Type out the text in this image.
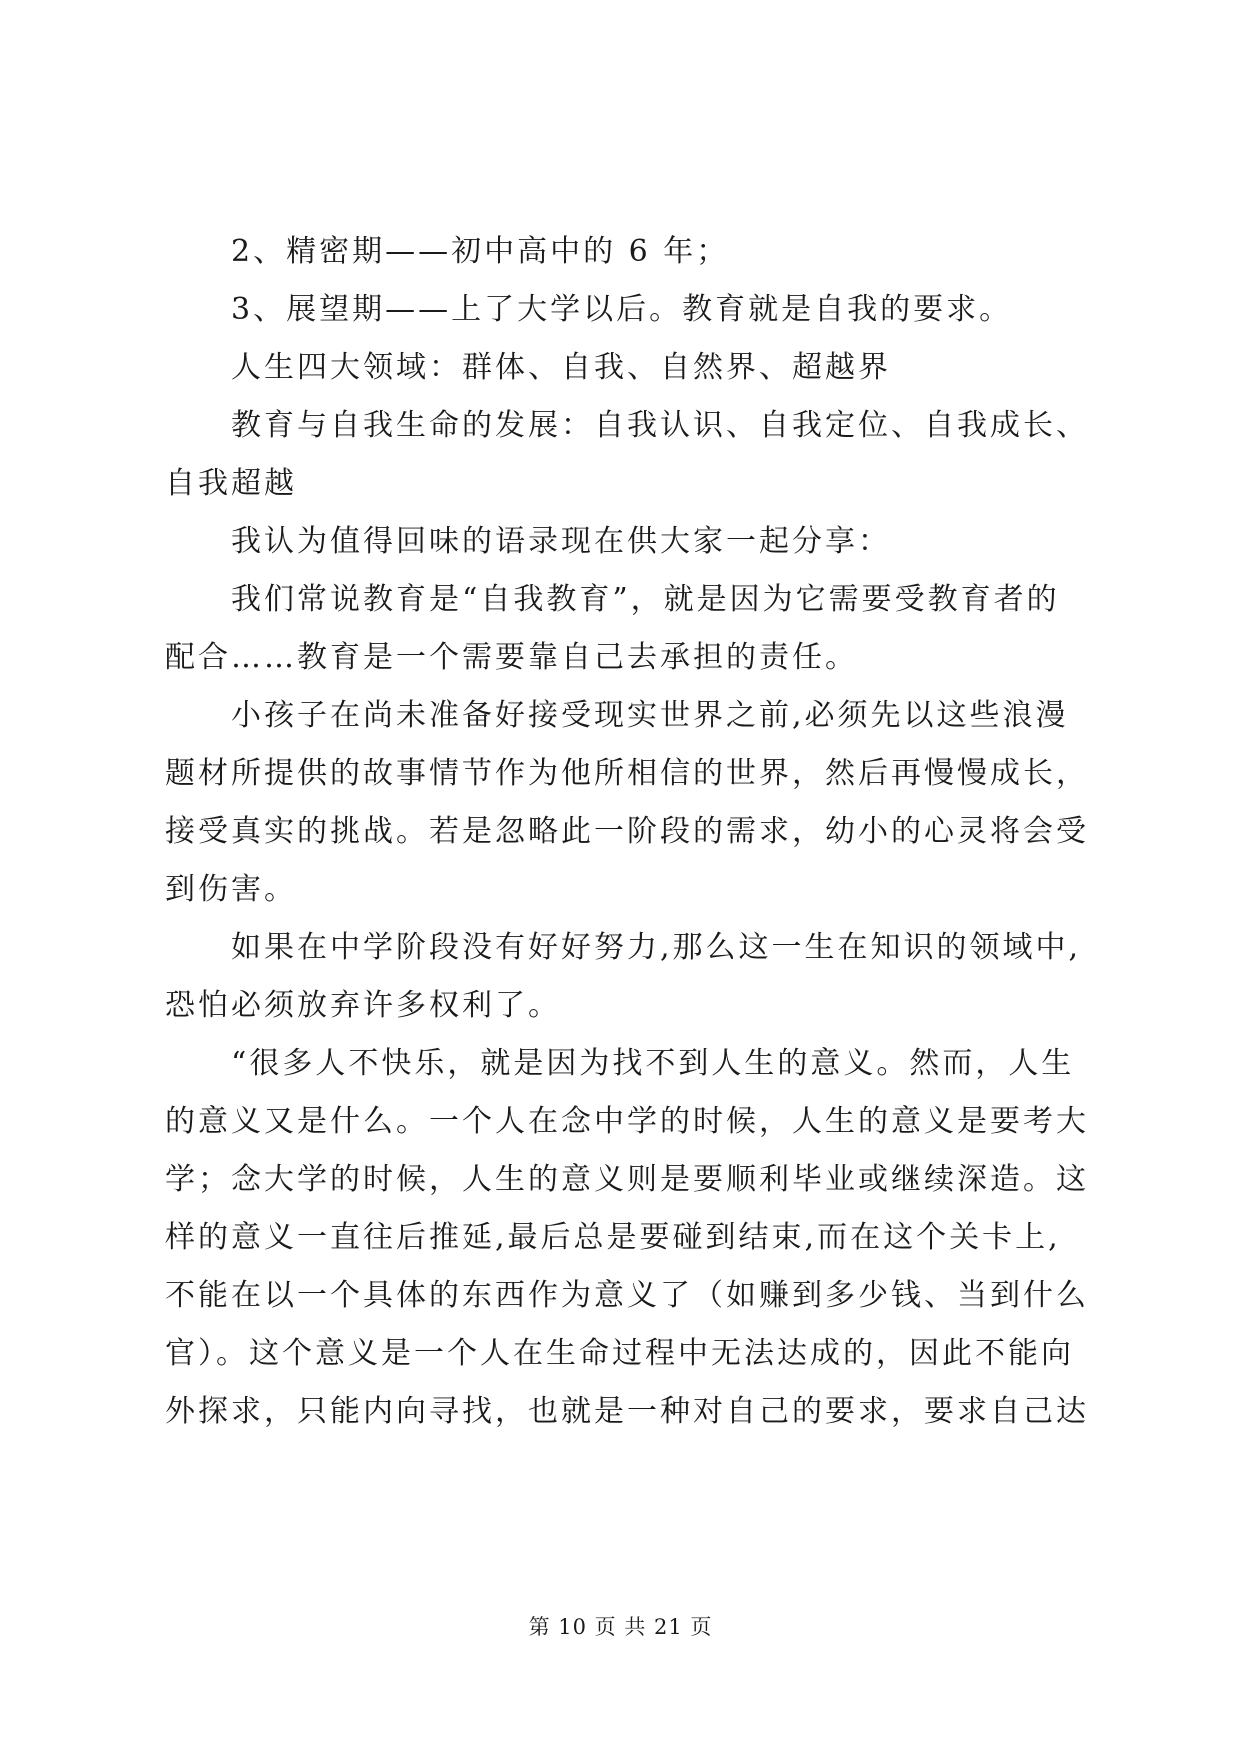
2、精密期——初中高中的 6 年；
3、展望期——上了大学以后。教育就是自我的要求。
人生四大领域：群体、自我、自然界、超越界
教育与自我生命的发展：自我认识、自我定位、自我成长、
自我超越
我认为值得回味的语录现在供大家一起分享：
我们常说教育是“自我教育”，就是因为它需要受教育者的
配合……教育是一个需要靠自己去承担的责任。
小孩子在尚未准备好接受现实世界之前,必须先以这些浪漫
题材所提供的故事情节作为他所相信的世界，然后再慢慢成长，
接受真实的挑战。若是忽略此一阶段的需求，幼小的心灵将会受
到伤害。
如果在中学阶段没有好好努力,那么这一生在知识的领域中,
恐怕必须放弃许多权利了。
“很多人不快乐，就是因为找不到人生的意义。然而，人生
的意义又是什么。一个人在念中学的时候，人生的意义是要考大
学；念大学的时候，人生的意义则是要顺利毕业或继续深造。这
样的意义一直往后推延,最后总是要碰到结束,而在这个关卡上,
不能在以一个具体的东西作为意义了（如赚到多少钱、当到什么
官）。这个意义是一个人在生命过程中无法达成的，因此不能向
外探求，只能内向寻找，也就是一种对自己的要求，要求自己达
第 10 页 共 21 页
